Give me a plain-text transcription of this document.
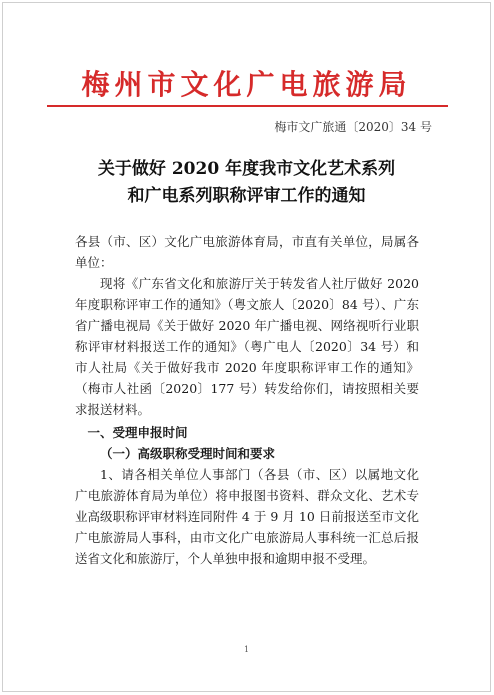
梅州市文化广电旅游局
梅市文广旅通〔2020〕34 号
关于做好 2020 年度我市文化艺术系列
和广电系列职称评审工作的通知

各县（市、区）文化广电旅游体育局，市直有关单位，局属各单位：

现将《广东省文化和旅游厅关于转发省人社厅做好 2020 年度职称评审工作的通知》（粤文旅人〔2020〕84 号）、广东省广播电视局《关于做好 2020 年广播电视、网络视听行业职称评审材料报送工作的通知》（粤广电人〔2020〕34 号）和市人社局《关于做好我市 2020 年度职称评审工作的通知》（梅市人社函〔2020〕177 号）转发给你们，请按照相关要求报送材料。

一、受理申报时间

（一）高级职称受理时间和要求

1、请各相关单位人事部门（各县（市、区）以属地文化广电旅游体育局为单位）将申报图书资料、群众文化、艺术专业高级职称评审材料连同附件 4 于 9 月 10 日前报送至市文化广电旅游局人事科，由市文化广电旅游局人事科统一汇总后报送省文化和旅游厅，个人单独申报和逾期申报不受理。

1
